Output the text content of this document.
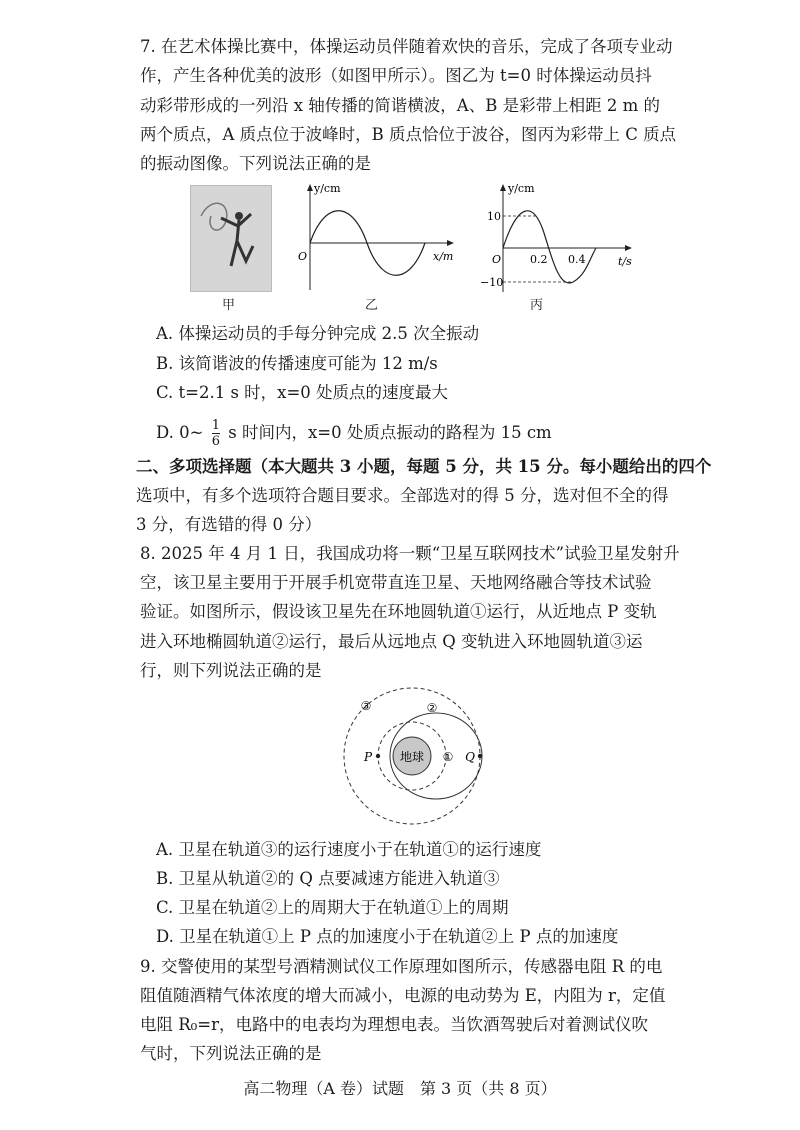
7. 在艺术体操比赛中，体操运动员伴随着欢快的音乐，完成了各项专业动
作，产生各种优美的波形（如图甲所示）。图乙为 t=0 时体操运动员抖
动彩带形成的一列沿 x 轴传播的简谐横波，A、B 是彩带上相距 2 m 的
两个质点，A 质点位于波峰时，B 质点恰位于波谷，图丙为彩带上 C 质点
的振动图像。下列说法正确的是
甲
y/cm
x/m
O
乙
y/cm
t/s
O
10
−10
0.2 0.4
丙
A. 体操运动员的手每分钟完成 2.5 次全振动
B. 该简谐波的传播速度可能为 12 m/s
C. t=2.1 s 时，x=0 处质点的速度最大
D. 0~ $\frac{1}{6}$ s 时间内，x=0 处质点振动的路程为 15 cm
二、多项选择题（本大题共 3 小题，每题 5 分，共 15 分。每小题给出的四个
选项中，有多个选项符合题目要求。全部选对的得 5 分，选对但不全的得
3 分，有选错的得 0 分）
8. 2025 年 4 月 1 日，我国成功将一颗“卫星互联网技术”试验卫星发射升
空，该卫星主要用于开展手机宽带直连卫星、天地网络融合等技术试验
验证。如图所示，假设该卫星先在环地圆轨道①运行，从近地点 P 变轨
进入环地椭圆轨道②运行，最后从远地点 Q 变轨进入环地圆轨道③运
行，则下列说法正确的是
地球 ①
②
③
P	Q
A. 卫星在轨道③的运行速度小于在轨道①的运行速度
B. 卫星从轨道②的 Q 点要减速方能进入轨道③
C. 卫星在轨道②上的周期大于在轨道①上的周期
D. 卫星在轨道①上 P 点的加速度小于在轨道②上 P 点的加速度
9. 交警使用的某型号酒精测试仪工作原理如图所示，传感器电阻 R 的电
阻值随酒精气体浓度的增大而减小，电源的电动势为 E，内阻为 r，定值
电阻 R₀=r，电路中的电表均为理想电表。当饮酒驾驶后对着测试仪吹
气时，下列说法正确的是
高二物理（A 卷）试题　第 3 页（共 8 页）
